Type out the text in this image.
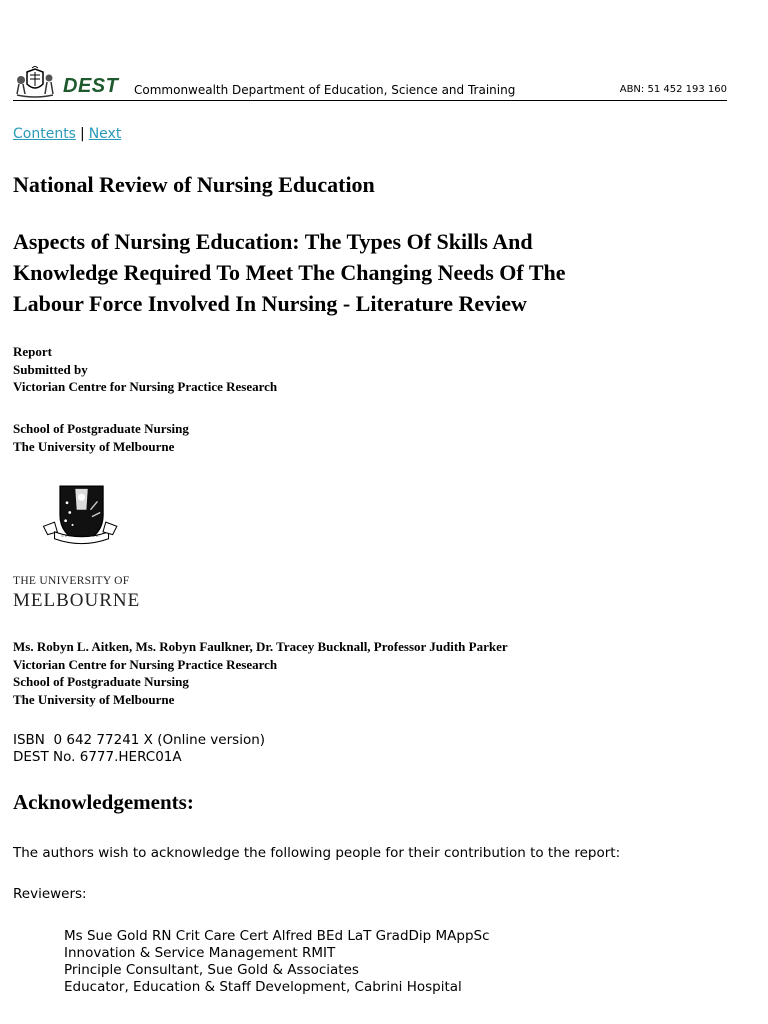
DEST Commonwealth Department of Education, Science and Training	ABN: 51 452 193 160
Contents | Next
National Review of Nursing Education
Aspects of Nursing Education: The Types Of Skills And
Knowledge Required To Meet The Changing Needs Of The
Labour Force Involved In Nursing - Literature Review
Report
Submitted by
Victorian Centre for Nursing Practice Research
School of Postgraduate Nursing
The University of Melbourne
THE UNIVERSITY OF
MELBOURNE
Ms. Robyn L. Aitken, Ms. Robyn Faulkner, Dr. Tracey Bucknall, Professor Judith Parker
Victorian Centre for Nursing Practice Research
School of Postgraduate Nursing
The University of Melbourne
ISBN  0 642 77241 X (Online version)
DEST No. 6777.HERC01A
Acknowledgements:
The authors wish to acknowledge the following people for their contribution to the report:
Reviewers:
Ms Sue Gold RN Crit Care Cert Alfred BEd LaT GradDip MAppSc
Innovation & Service Management RMIT
Principle Consultant, Sue Gold & Associates
Educator, Education & Staff Development, Cabrini Hospital
